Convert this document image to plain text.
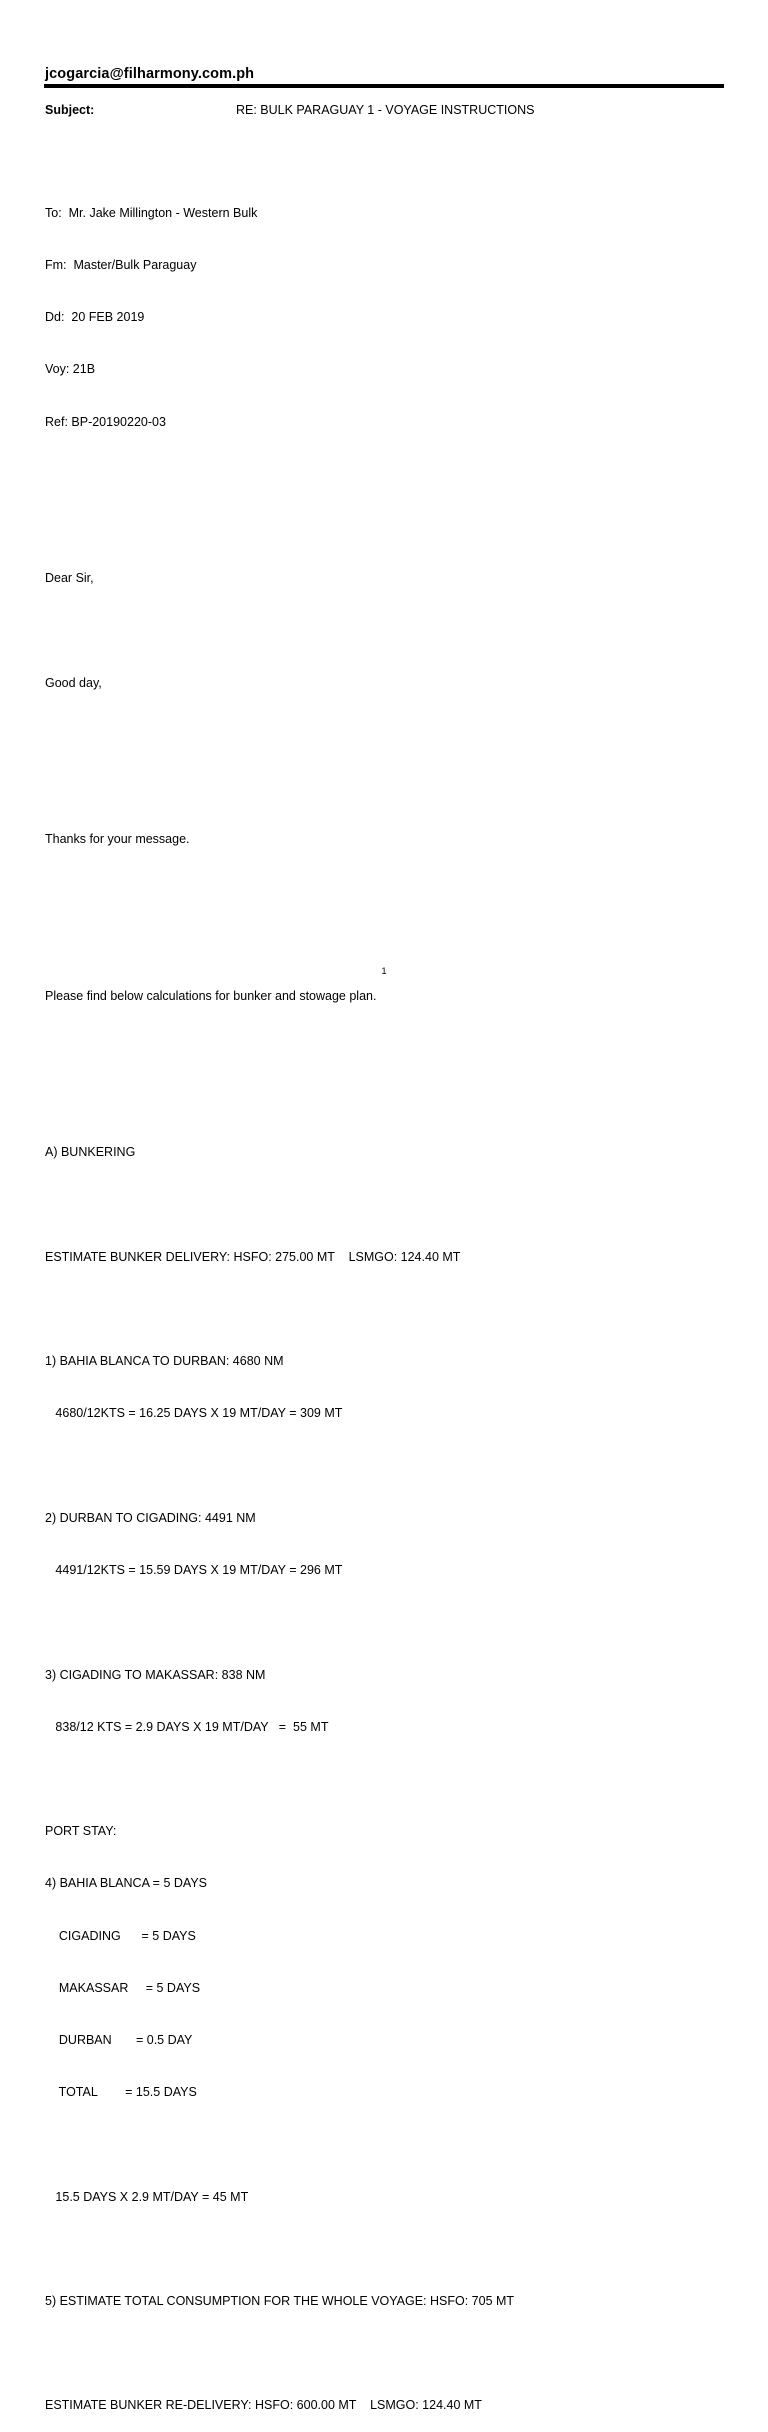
jcogarcia@filharmony.com.ph
Subject:	RE: BULK PARAGUAY 1 - VOYAGE INSTRUCTIONS

To:  Mr. Jake Millington - Western Bulk

Fm:  Master/Bulk Paraguay

Dd:  20 FEB 2019

Voy: 21B

Ref: BP-20190220-03

Dear Sir,

Good day,

Thanks for your message.

Please find below calculations for bunker and stowage plan.

A) BUNKERING

ESTIMATE BUNKER DELIVERY: HSFO: 275.00 MT    LSMGO: 124.40 MT

1) BAHIA BLANCA TO DURBAN: 4680 NM

4680/12KTS = 16.25 DAYS X 19 MT/DAY = 309 MT

2) DURBAN TO CIGADING: 4491 NM

4491/12KTS = 15.59 DAYS X 19 MT/DAY = 296 MT

3) CIGADING TO MAKASSAR: 838 NM

838/12 KTS = 2.9 DAYS X 19 MT/DAY   =  55 MT

PORT STAY:

4) BAHIA BLANCA = 5 DAYS

CIGADING      = 5 DAYS

MAKASSAR     = 5 DAYS

DURBAN       = 0.5 DAY

TOTAL        = 15.5 DAYS

15.5 DAYS X 2.9 MT/DAY = 45 MT

5) ESTIMATE TOTAL CONSUMPTION FOR THE WHOLE VOYAGE: HSFO: 705 MT

ESTIMATE BUNKER RE-DELIVERY: HSFO: 600.00 MT    LSMGO: 124.40 MT

1
